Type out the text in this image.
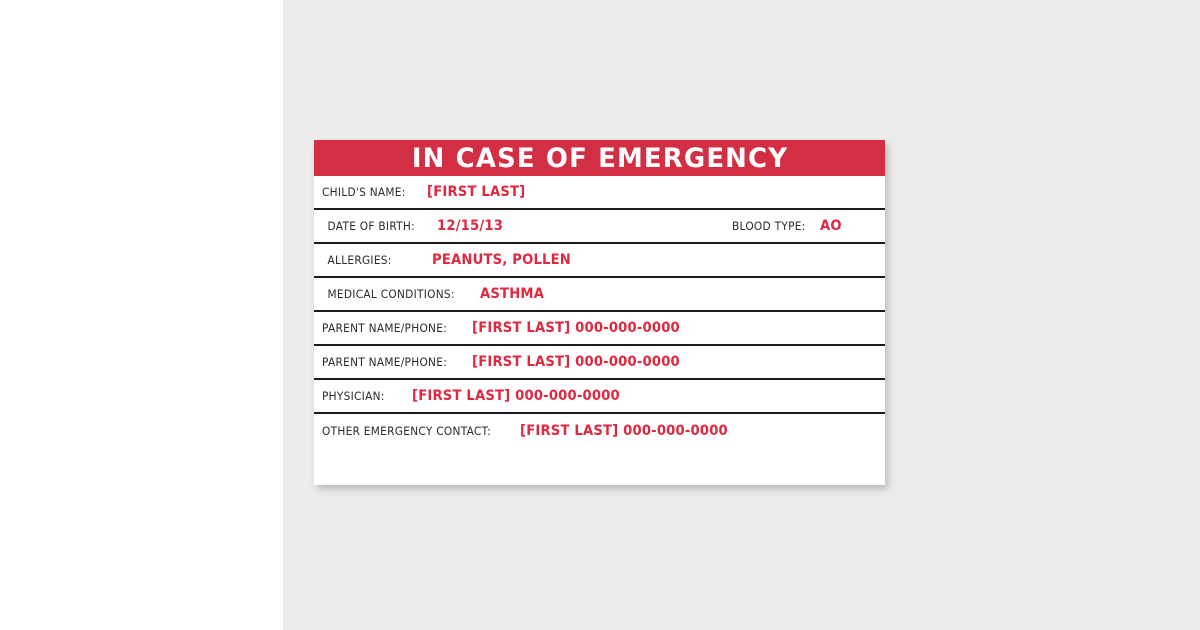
IN CASE OF EMERGENCY
CHILD'S NAME: [FIRST LAST]
DATE OF BIRTH: 12/15/13	BLOOD TYPE: AO
ALLERGIES:	PEANUTS, POLLEN
MEDICAL CONDITIONS: ASTHMA
PARENT NAME/PHONE: [FIRST LAST] 000-000-0000
PARENT NAME/PHONE: [FIRST LAST] 000-000-0000
PHYSICIAN: [FIRST LAST] 000-000-0000
OTHER EMERGENCY CONTACT: [FIRST LAST] 000-000-0000
